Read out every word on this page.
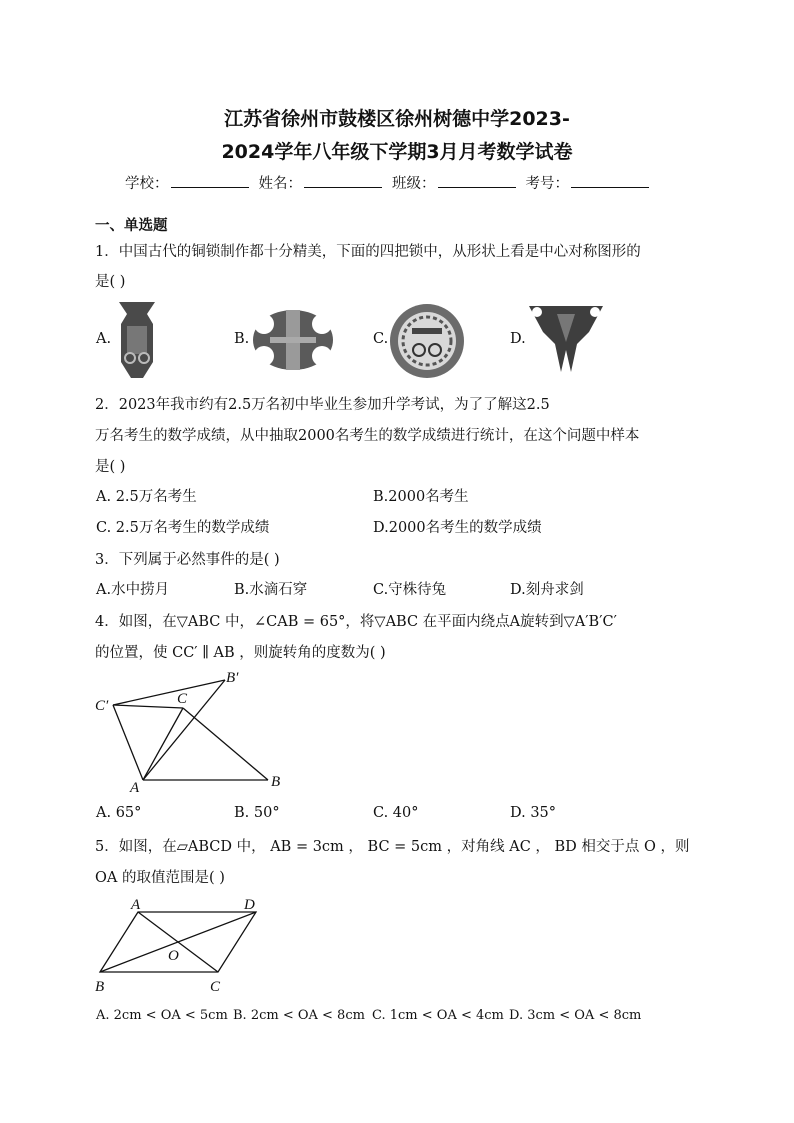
江苏省徐州市鼓楼区徐州树德中学2023-
2024学年八年级下学期3月月考数学试卷
学校：	姓名：	班级：	考号：
一、单选题
1．中国古代的铜锁制作都十分精美，下面的四把锁中，从形状上看是中心对称图形的
是( )
A.	B.	C.	D.
2．2023年我市约有2.5万名初中毕业生参加升学考试，为了了解这2.5
万名考生的数学成绩，从中抽取2000名考生的数学成绩进行统计，在这个问题中样本
是( )
A. 2.5万名考生	B.2000名考生
C. 2.5万名考生的数学成绩	D.2000名考生的数学成绩
3．下列属于必然事件的是( )
A.水中捞月	B.水滴石穿	C.守株待兔	D.刻舟求剑
4．如图，在▽ABC 中，∠CAB = 65°，将▽ABC 在平面内绕点A旋转到▽A′B′C′
的位置，使 CC′ ∥ AB ，则旋转角的度数为( )
C′	C
B′
A	B
A. 65°	B. 50°	C. 40°	D. 35°
5．如图，在▱ABCD 中， AB = 3cm ， BC = 5cm ，对角线 AC ， BD 相交于点 O ，则
OA 的取值范围是( )
A	D
O
B	C
A. 2cm < OA < 5cm B. 2cm < OA < 8cm C. 1cm < OA < 4cm D. 3cm < OA < 8cm
